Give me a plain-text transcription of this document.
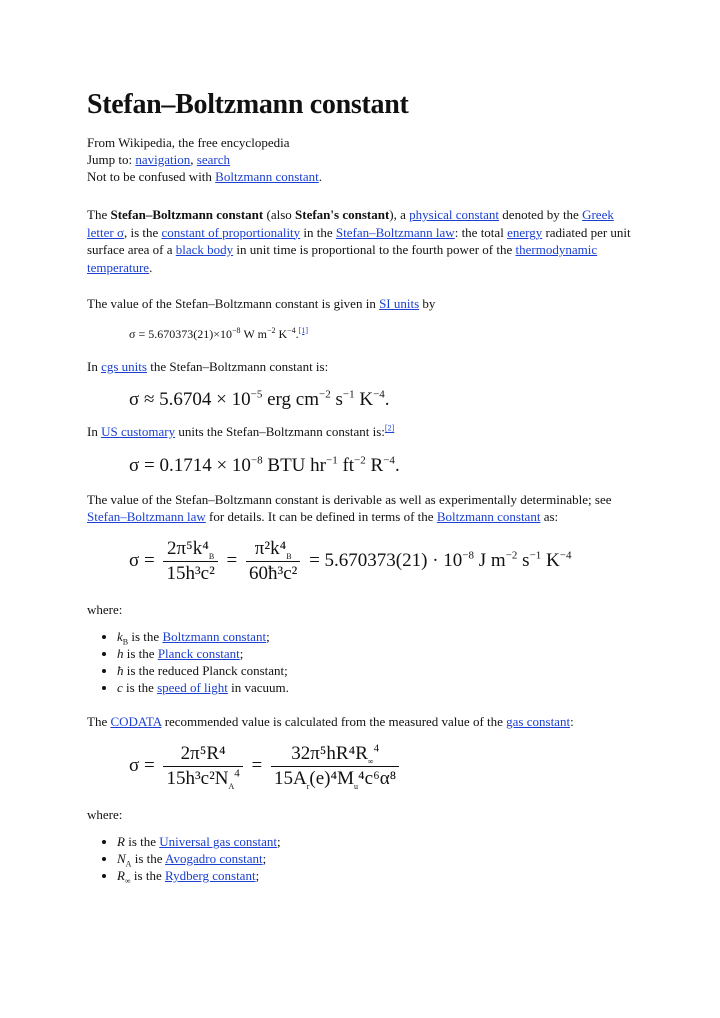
Stefan–Boltzmann constant
From Wikipedia, the free encyclopedia
Jump to: navigation, search
Not to be confused with Boltzmann constant.

The Stefan–Boltzmann constant (also Stefan's constant), a physical constant denoted by the Greek letter σ, is the constant of proportionality in the Stefan–Boltzmann law: the total energy radiated per unit surface area of a black body in unit time is proportional to the fourth power of the thermodynamic temperature.

The value of the Stefan–Boltzmann constant is given in SI units by

$\sigma = 5.670373(21)\times 10^{-8}$ W $m^{-2}$ $K^{-4}.[1]$

In cgs units the Stefan–Boltzmann constant is:

$\sigma \approx 5.6704 \times 10^{-5}$ erg $cm^{-2}$ $s^{-1}$ $K^{-4}$.

In US customary units the Stefan–Boltzmann constant is:[2]

$\sigma = 0.1714 \times 10^{-8}$ BTU $hr^{-1}$ $ft^{-2}$ $R^{-4}$.

The value of the Stefan–Boltzmann constant is derivable as well as experimentally determinable; see Stefan–Boltzmann law for details. It can be defined in terms of the Boltzmann constant as:

$\sigma = \frac{2\pi^5k^4_B}{\text{15h³c²}} = \frac{\pi^2k^4_B}{\text{60ħ³c²}} = 5.670373(21) \cdot 10^{-8}$ J $m^{-2}$ $s^{-1}$ $K^{-4}$

where:

• $k_B$ is the Boltzmann constant;
• h is the Planck constant;
• ħ is the reduced Planck constant;
• c is the speed of light in vacuum.

The CODATA recommended value is calculated from the measured value of the gas constant:

$\sigma = \frac{\text{2π⁵R⁴}}{15h^3c^2N_A^4} = \frac{32\pi^5hR^4R_\infty^4}{15A_r(e)^4M_u^4c^6\alpha^8}$

where:

• R is the Universal gas constant;
• $N_A$ is the Avogadro constant;
• $R_\infty$ is the Rydberg constant;
